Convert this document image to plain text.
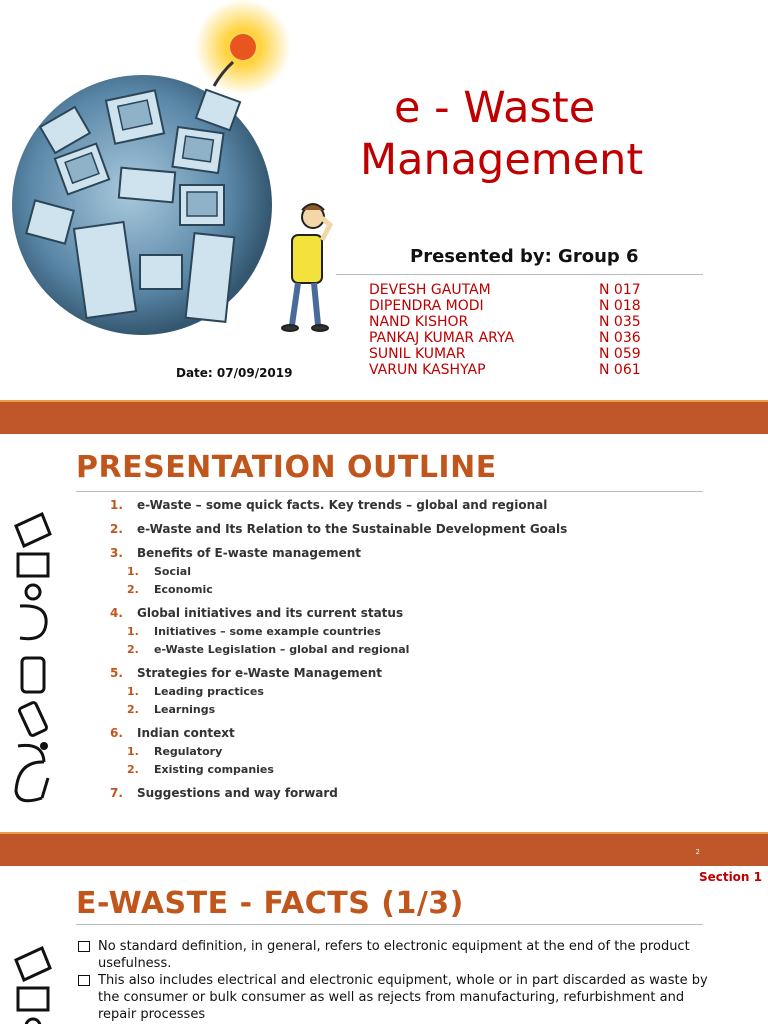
e - Waste
Management
Presented by: Group 6
DEVESH GAUTAM	N 017
DIPENDRA MODI	N 018
NAND KISHOR	N 035
PANKAJ KUMAR ARYA	N 036
SUNIL KUMAR	N 059
VARUN KASHYAP	N 061
Date: 07/09/2019
PRESENTATION OUTLINE
1. e-Waste – some quick facts. Key trends – global and regional
2. e-Waste and Its Relation to the Sustainable Development Goals
3. Benefits of E-waste management
1. Social
2. Economic
4. Global initiatives and its current status
1. Initiatives – some example countries
2. e-Waste Legislation – global and regional
5. Strategies for e-Waste Management
1. Leading practices
2. Learnings
6. Indian context
1. Regulatory
2. Existing companies
7. Suggestions and way forward
2
Section 1
E-WASTE - FACTS (1/3)
No standard definition, in general, refers to electronic equipment at the end of the product usefulness.
This also includes electrical and electronic equipment, whole or in part discarded as waste by the consumer or bulk consumer as well as rejects from manufacturing, refurbishment and repair processes
